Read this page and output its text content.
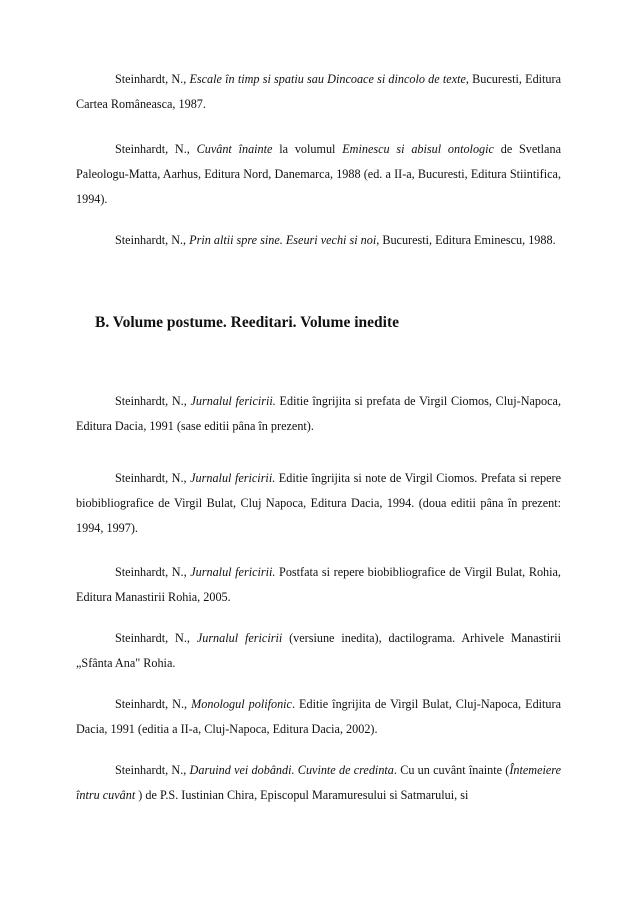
Steinhardt, N., Escale în timp si spatiu sau Dincoace si dincolo de texte, Bucuresti, Editura Cartea Româneasca, 1987.

Steinhardt, N., Cuvânt înainte la volumul Eminescu si abisul ontologic de Svetlana Paleologu-Matta, Aarhus, Editura Nord, Danemarca, 1988 (ed. a II-a, Bucuresti, Editura Stiintifica, 1994).

Steinhardt, N., Prin altii spre sine. Eseuri vechi si noi, Bucuresti, Editura Eminescu, 1988.

B. Volume postume. Reeditari. Volume inedite

Steinhardt, N., Jurnalul fericirii. Editie îngrijita si prefata de Virgil Ciomos, Cluj-Napoca, Editura Dacia, 1991 (sase editii pâna în prezent).

Steinhardt, N., Jurnalul fericirii. Editie îngrijita si note de Virgil Ciomos. Prefata si repere biobibliografice de Virgil Bulat, Cluj Napoca, Editura Dacia, 1994. (doua editii pâna în prezent: 1994, 1997).

Steinhardt, N., Jurnalul fericirii. Postfata si repere biobibliografice de Virgil Bulat, Rohia, Editura Manastirii Rohia, 2005.

Steinhardt, N., Jurnalul fericirii (versiune inedita), dactilograma. Arhivele Manastirii „Sfânta Ana" Rohia.

Steinhardt, N., Monologul polifonic. Editie îngrijita de Virgil Bulat, Cluj-Napoca, Editura Dacia, 1991 (editia a II-a, Cluj-Napoca, Editura Dacia, 2002).

Steinhardt, N., Daruind vei dobândi. Cuvinte de credinta. Cu un cuvânt înainte (Întemeiere întru cuvânt ) de P.S. Iustinian Chira, Episcopul Maramuresului si Satmarului, si
